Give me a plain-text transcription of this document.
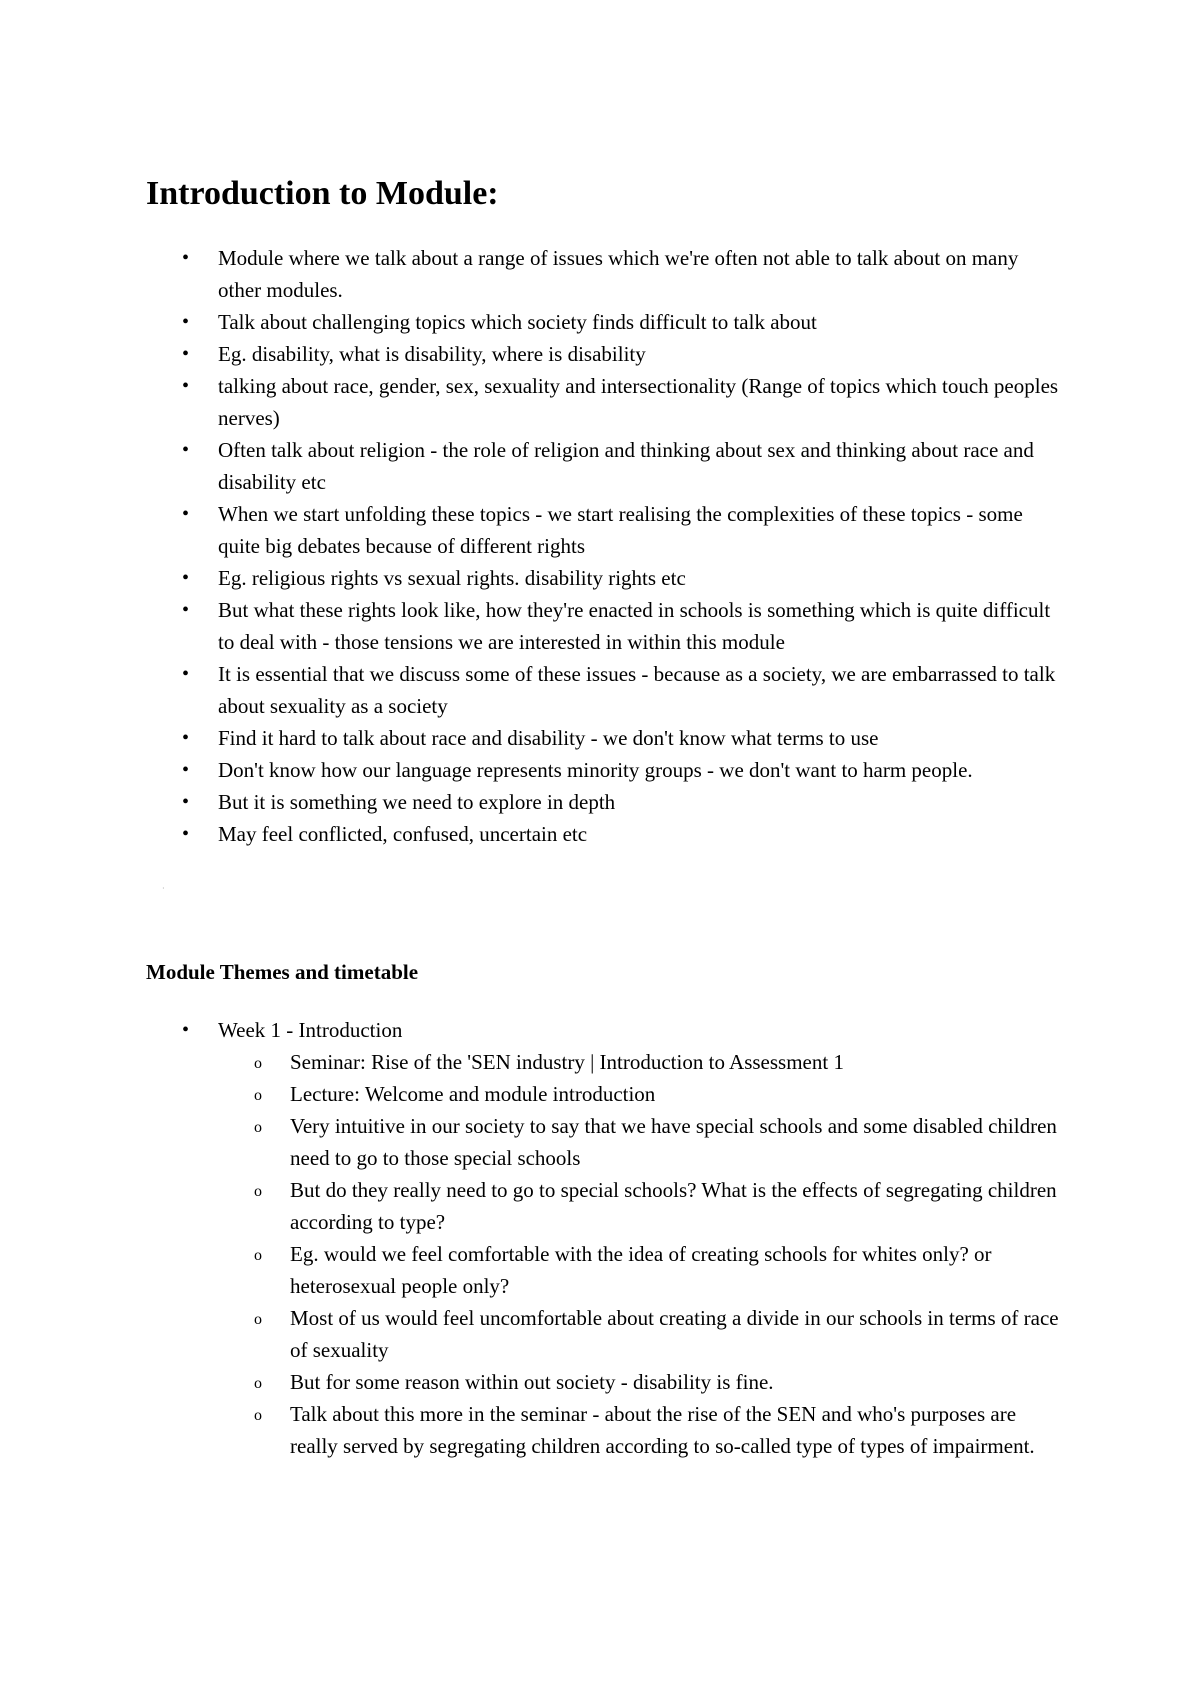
Introduction to Module:
• Module where we talk about a range of issues which we're often not able to talk about on many other modules.
• Talk about challenging topics which society finds difficult to talk about
• Eg. disability, what is disability, where is disability
• talking about race, gender, sex, sexuality and intersectionality (Range of topics which touch peoples nerves)
• Often talk about religion - the role of religion and thinking about sex and thinking about race and disability etc
• When we start unfolding these topics - we start realising the complexities of these topics - some quite big debates because of different rights
• Eg. religious rights vs sexual rights. disability rights etc
• But what these rights look like, how they're enacted in schools is something which is quite difficult to deal with - those tensions we are interested in within this module
• It is essential that we discuss some of these issues - because as a society, we are embarrassed to talk about sexuality as a society
• Find it hard to talk about race and disability - we don't know what terms to use
• Don't know how our language represents minority groups - we don't want to harm people.
• But it is something we need to explore in depth
• May feel conflicted, confused, uncertain etc
·
Module Themes and timetable
• Week 1 - Introduction
o Seminar: Rise of the 'SEN industry | Introduction to Assessment 1
o Lecture: Welcome and module introduction
o Very intuitive in our society to say that we have special schools and some disabled children need to go to those special schools
o But do they really need to go to special schools? What is the effects of segregating children according to type?
o Eg. would we feel comfortable with the idea of creating schools for whites only? or heterosexual people only?
o Most of us would feel uncomfortable about creating a divide in our schools in terms of race of sexuality
o But for some reason within out society - disability is fine.
o Talk about this more in the seminar - about the rise of the SEN and who's purposes are really served by segregating children according to so-called type of types of impairment.
